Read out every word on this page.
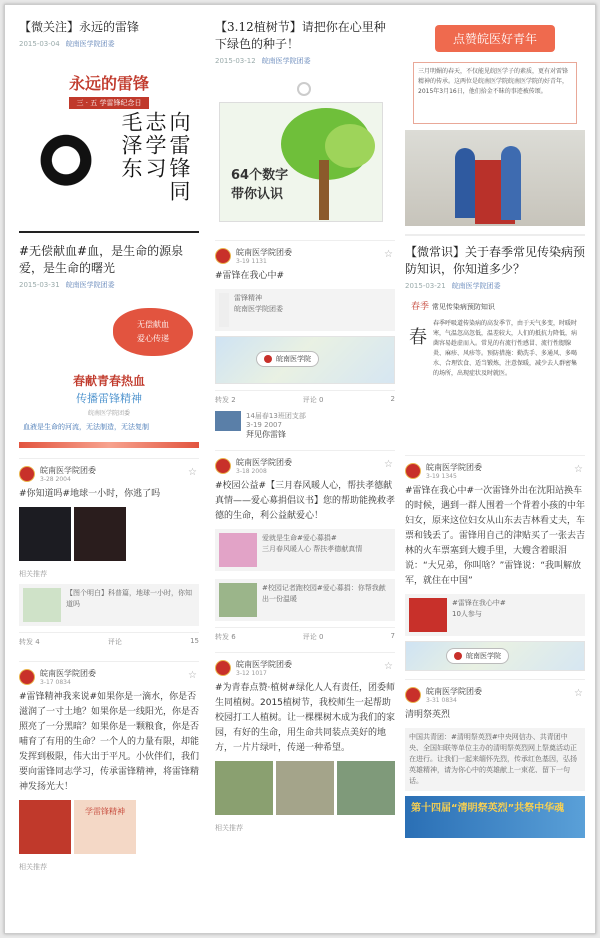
【微关注】永远的雷锋
2015-03-04 皖南医学院团委
永远的雷锋
三 · 五 学雷锋纪念日
向雷锋同志学习 毛泽东
#无偿献血#血，是生命的源泉 爱，是生命的曙光
2015-03-31 皖南医学院团委
无偿献血
爱心传递
春献青春热血
传播雷锋精神
皖南医学院团委
血液是生命的河流，无法制造，无法复制
皖南医学院团委
3-28 2004
☆
#你知道吗#地球一小时，你逃了吗
相关推荐
【图个明白】科普篇，地球一小时，你知道吗
转发 4	评论	15
皖南医学院团委
3-17 0834
☆
#雷锋精神我来说#如果你是一滴水，你是否滋润了一寸土地？如果你是一线阳光，你是否照亮了一分黑暗？如果你是一颗粮食，你是否哺育了有用的生命？一个人的力量有限，却能发挥到极限，伟大出于平凡。小伙伴们，我们要向雷锋同志学习，传承雷锋精神，将雷锋精神发扬光大！
学雷锋精神
相关推荐
【3.12植树节】请把你在心里种下绿色的种子！
2015-03-12 皖南医学院团委
64个数字
带你认识
皖南医学院团委
3-19 1131
☆
#雷锋在我心中#
雷锋精神
皖南医学院团委
皖南医学院
转发 2	评论 0	2
14届春13班团支部
3-19 2007
拜见你雷锋
皖南医学院团委
3-18 2008
☆
#校园公益#【三月春风暖人心，帮扶孝德献真情——爱心募捐倡议书】您的帮助能挽救孝德的生命，利公益献爱心！
爱就是生命#爱心募捐#
三月春风暖人心 帮扶孝德献真情
#校园记者跑校园#爱心募捐：你帮我献出一份温暖
转发 6	评论 0	7
皖南医学院团委
3-12 1017
☆
#为青春点赞·植树#绿化人人有责任，团委师生同植树。2015植树节，我校师生一起帮助校园打工人植树。让一棵棵树木成为我们的家园，有好的生命，用生命共同装点美好的地方，一片片绿叶，传递一种希望。
相关推荐
点赞皖医好青年
三月明媚的春天，不仅能见皖医学子的素质，更有对雷锋精神的传承。这两位是皖南医学院皖南医学院的好青年，2015年3月16日，他们拾金不昧的事迹被传颂。
【微常识】关于春季常见传染病预防知识，你知道多少？
2015-03-21 皖南医学院团委
春季 常见传染病预防知识
春
春季呼吸道传染病的高发季节，由于天气多变，时暖时寒，气温忽高忽低，温差较大，人们的抵抗力降低，病菌容易趁虚而入。常见的有流行性感冒、流行性腮腺炎、麻疹、风疹等。预防措施：勤洗手、多通风、多喝水、合理饮食、适当锻炼，注意保暖，减少去人群密集的场所，出现症状及时就医。
皖南医学院团委
3-19 1345
☆
#雷锋在我心中#一次雷锋外出在沈阳站换车的时候，遇到一群人围着一个背着小孩的中年妇女，原来这位妇女从山东去吉林看丈夫，车票和钱丢了。雷锋用自己的津贴买了一张去吉林的火车票塞到大嫂手里，大嫂含着眼泪说：“大兄弟，你叫啥？”雷锋说：“我叫解放军，就住在中国”
#雷锋在我心中#
10人参与
皖南医学院
皖南医学院团委
3-31 0834
☆
清明祭英烈
中国共青团：#清明祭英烈#中央网信办、共青团中央、全国妇联等单位主办的清明祭英烈网上祭奠活动正在进行。让我们一起来缅怀先烈，传承红色基因，弘扬英雄精神，请为你心中的英雄献上一束花、留下一句话。
第十四届“清明祭英烈”共祭中华魂
